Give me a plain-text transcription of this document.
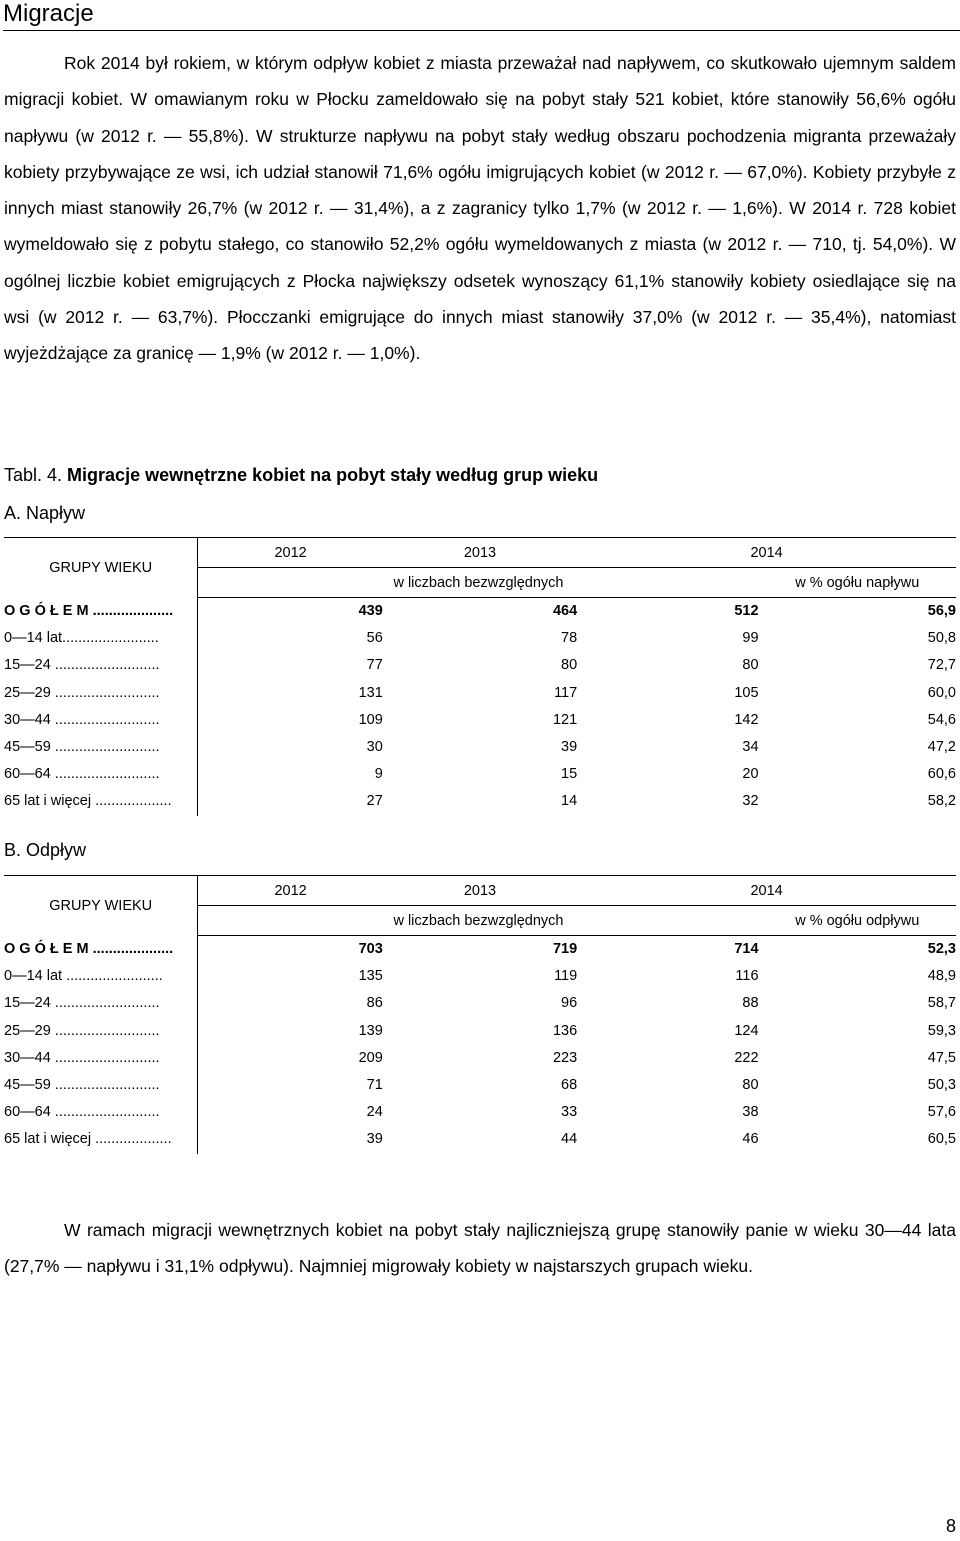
Migracje

Rok 2014 był rokiem, w którym odpływ kobiet z miasta przeważał nad napływem, co skutkowało ujemnym saldem migracji kobiet. W omawianym roku w Płocku zameldowało się na pobyt stały 521 kobiet, które stanowiły 56,6% ogółu napływu (w 2012 r. — 55,8%). W strukturze napływu na pobyt stały według obszaru pochodzenia migranta przeważały kobiety przybywające ze wsi, ich udział stanowił 71,6% ogółu imigrujących kobiet (w 2012 r. — 67,0%). Kobiety przybyłe z innych miast stanowiły 26,7% (w 2012 r. — 31,4%), a z zagranicy tylko 1,7% (w 2012 r. — 1,6%). W 2014 r. 728 kobiet wymeldowało się z pobytu stałego, co stanowiło 52,2% ogółu wymeldowanych z miasta (w 2012 r. — 710, tj. 54,0%). W ogólnej liczbie kobiet emigrujących z Płocka największy odsetek wynoszący 61,1% stanowiły kobiety osiedlające się na wsi (w 2012 r. — 63,7%). Płocczanki emigrujące do innych miast stanowiły 37,0% (w 2012 r. — 35,4%), natomiast wyjeżdżające za granicę — 1,9% (w 2012 r. — 1,0%).

Tabl. 4. Migracje wewnętrzne kobiet na pobyt stały według grup wieku
A. Napływ
GRUPY WIEKU	2012	2013	2014	
	w liczbach bezwzględnych			w % ogółu napływu
O G Ó Ł E M ....................	439	464	512	56,9
0—14 lat........................	56	78	99	50,8
15—24 ..........................	77	80	80	72,7
25—29 ..........................	131	117	105	60,0
30—44 ..........................	109	121	142	54,6
45—59 ..........................	30	39	34	47,2
60—64 ..........................	9	15	20	60,6
65 lat i więcej ...................	27	14	32	58,2
B. Odpływ
GRUPY WIEKU	2012	2013	2014	
	w liczbach bezwzględnych			w % ogółu odpływu
O G Ó Ł E M ....................	703	719	714	52,3
0—14 lat ........................	135	119	116	48,9
15—24 ..........................	86	96	88	58,7
25—29 ..........................	139	136	124	59,3
30—44 ..........................	209	223	222	47,5
45—59 ..........................	71	68	80	50,3
60—64 ..........................	24	33	38	57,6
65 lat i więcej ...................	39	44	46	60,5

W ramach migracji wewnętrznych kobiet na pobyt stały najliczniejszą grupę stanowiły panie w wieku 30—44 lata (27,7% — napływu i 31,1% odpływu). Najmniej migrowały kobiety w najstarszych grupach wieku.

8
